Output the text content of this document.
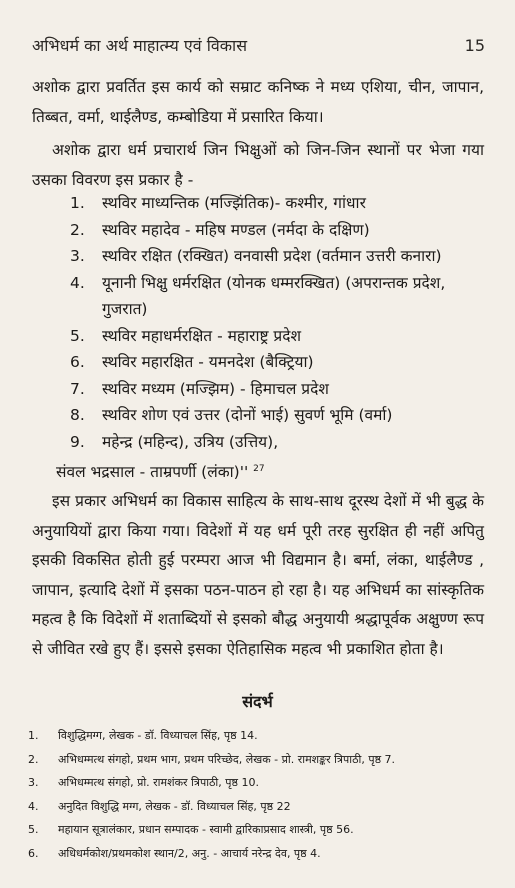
अभिधर्म का अर्थ माहात्म्य एवं विकास	15

अशोक द्वारा प्रवर्तित इस कार्य को सम्राट कनिष्क ने मध्य एशिया, चीन, जापान, तिब्बत, वर्मा, थाईलैण्ड, कम्बोडिया में प्रसारित किया।

अशोक द्वारा धर्म प्रचारार्थ जिन भिक्षुओं को जिन-जिन स्थानों पर भेजा गया उसका विवरण इस प्रकार है -

1.	स्थविर माध्यन्तिक (मज्झिंतिक)- कश्मीर, गांधार
2.	स्थविर महादेव - महिष मण्डल (नर्मदा के दक्षिण)
3.	स्थविर रक्षित (रक्खित) वनवासी प्रदेश (वर्तमान उत्तरी कनारा)
4.	यूनानी भिक्षु धर्मरक्षित (योनक धम्मरक्खित) (अपरान्तक प्रदेश, गुजरात)
5.	स्थविर महाधर्मरक्षित - महाराष्ट्र प्रदेश
6.	स्थविर महारक्षित - यमनदेश (बैक्ट्रिया)
7.	स्थविर मध्यम (मज्झिम) - हिमाचल प्रदेश
8.	स्थविर शोण एवं उत्तर (दोनों भाई) सुवर्ण भूमि (वर्मा)
9.	महेन्द्र (महिन्द), उत्रिय (उत्तिय),
संवल भद्रसाल - ताम्रपर्णी (लंका)'' $^{27}$

इस प्रकार अभिधर्म का विकास साहित्य के साथ-साथ दूरस्थ देशों में भी बुद्ध के अनुयायियों द्वारा किया गया। विदेशों में यह धर्म पूरी तरह सुरक्षित ही नहीं अपितु इसकी विकसित होती हुई परम्परा आज भी विद्यमान है। बर्मा, लंका, थाईलैण्ड , जापान, इत्यादि देशों में इसका पठन-पाठन हो रहा है। यह अभिधर्म का सांस्कृतिक महत्व है कि विदेशों में शताब्दियों से इसको बौद्ध अनुयायी श्रद्धापूर्वक अक्षुण्ण रूप से जीवित रखे हुए हैं। इससे इसका ऐतिहासिक महत्व भी प्रकाशित होता है।

संदर्भ
1.	विशुद्धिमग्ग, लेखक - डॉ. विध्याचल सिंह, पृष्ठ 14.
2.	अभिधम्मत्थ संगहो, प्रथम भाग, प्रथम परिच्छेद, लेखक - प्रो. रामशङ्कर त्रिपाठी, पृष्ठ 7.
3.	अभिधम्मत्थ संगहो, प्रो. रामशंकर त्रिपाठी, पृष्ठ 10.
4.	अनुदित विशुद्धि मग्ग, लेखक - डॉ. विध्याचल सिंह, पृष्ठ 22
5.	महायान सूत्रालंकार, प्रधान सम्पादक - स्वामी द्वारिकाप्रसाद शास्त्री, पृष्ठ 56.
6.	अधिधर्मकोश/प्रथमकोश स्थान/2, अनु. - आचार्य नरेन्द्र देव, पृष्ठ 4.
